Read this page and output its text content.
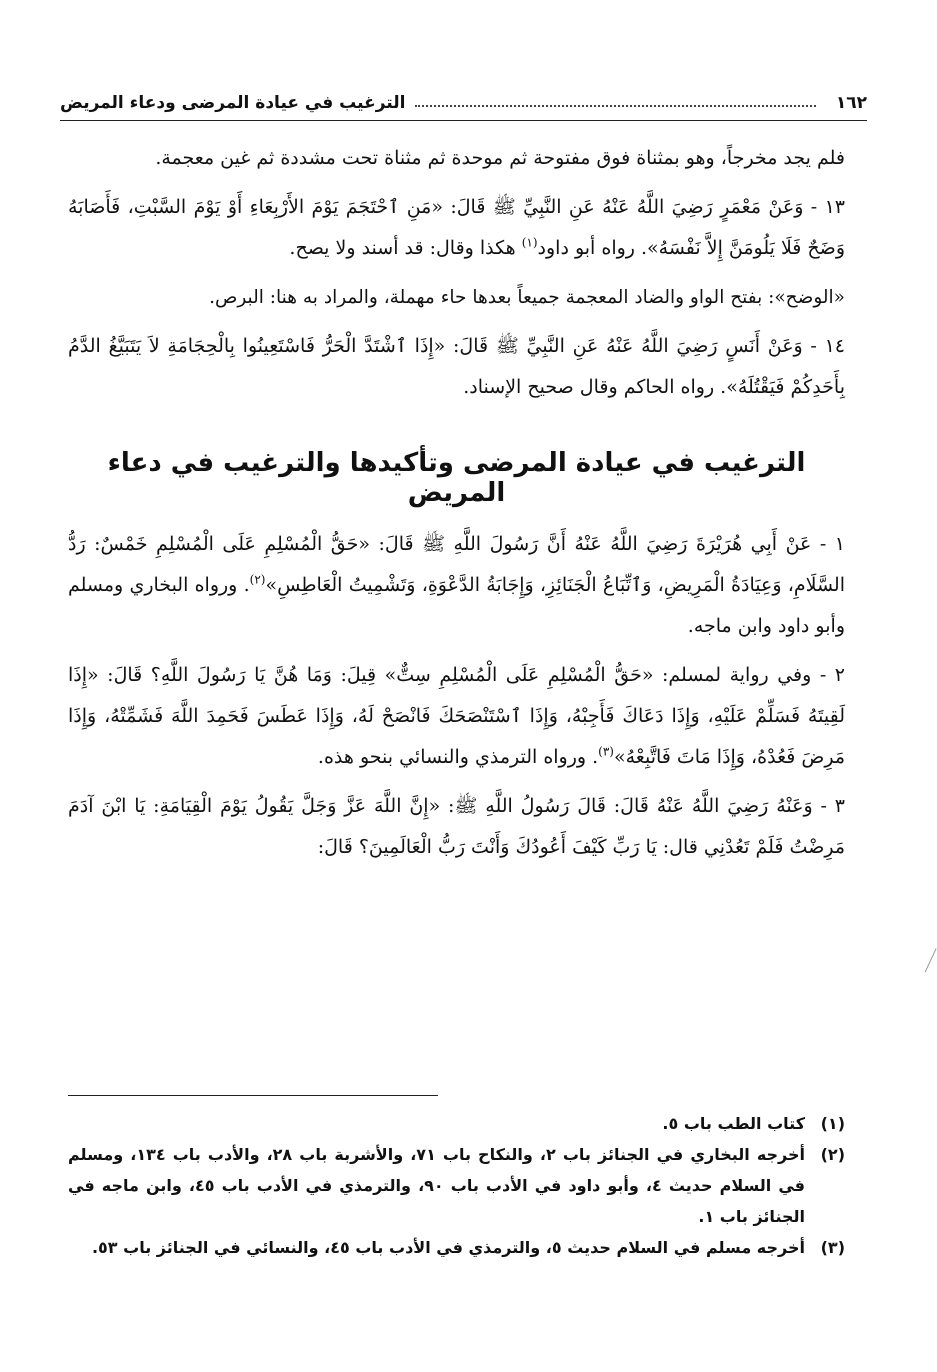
١٦٢
الترغيب في عيادة المرضى ودعاء المريض

فلم يجد مخرجاً، وهو بمثناة فوق مفتوحة ثم موحدة ثم مثناة تحت مشددة ثم غين معجمة.

١٣ - وَعَنْ مَعْمَرٍ رَضِيَ اللَّهُ عَنْهُ عَنِ النَّبِيِّ ﷺ قَالَ: «مَنِ ٱحْتَجَمَ يَوْمَ الأَرْبِعَاءِ أَوْ يَوْمَ السَّبْتِ، فَأَصَابَهُ وَضَحٌ فَلَا يَلُومَنَّ إِلاَّ نَفْسَهُ». رواه أبو داود$^{(١)}$ هكذا وقال: قد أسند ولا يصح.

«الوضح»: بفتح الواو والضاد المعجمة جميعاً بعدها حاء مهملة، والمراد به هنا: البرص.

١٤ - وَعَنْ أَنَسٍ رَضِيَ اللَّهُ عَنْهُ عَنِ النَّبِيِّ ﷺ قَالَ: «إِذَا ٱشْتَدَّ الْحَرُّ فَاسْتَعِينُوا بِالْحِجَامَةِ لاَ يَتَبَيَّغُ الدَّمُ بِأَحَدِكُمْ فَيَقْتُلَهُ». رواه الحاكم وقال صحيح الإسناد.

الترغيب في عيادة المرضى وتأكيدها والترغيب في دعاء المريض

١ - عَنْ أَبِي هُرَيْرَةَ رَضِيَ اللَّهُ عَنْهُ أَنَّ رَسُولَ اللَّهِ ﷺ قَالَ: «حَقُّ الْمُسْلِمِ عَلَى الْمُسْلِمِ خَمْسٌ: رَدُّ السَّلَامِ، وَعِيَادَةُ الْمَرِيضِ، وَٱتِّبَاعُ الْجَنَائِزِ، وَإِجَابَةُ الدَّعْوَةِ، وَتَشْمِيتُ الْعَاطِسِ»$^{(٢)}$. ورواه البخاري ومسلم وأبو داود وابن ماجه.

٢ - وفي رواية لمسلم: «حَقُّ الْمُسْلِمِ عَلَى الْمُسْلِمِ سِتٌّ» قِيلَ: وَمَا هُنَّ يَا رَسُولَ اللَّهِ؟ قَالَ: «إِذَا لَقِيتَهُ فَسَلِّمْ عَلَيْهِ، وَإِذَا دَعَاكَ فَأَجِبْهُ، وَإِذَا ٱسْتَنْصَحَكَ فَانْصَحْ لَهُ، وَإِذَا عَطَسَ فَحَمِدَ اللَّهَ فَشَمِّتْهُ، وَإِذَا مَرِضَ فَعُدْهُ، وَإِذَا مَاتَ فَاتَّبِعْهُ»$^{(٣)}$. ورواه الترمذي والنسائي بنحو هذه.

٣ - وَعَنْهُ رَضِيَ اللَّهُ عَنْهُ قَالَ: قَالَ رَسُولُ اللَّهِ ﷺ: «إِنَّ اللَّهَ عَزَّ وَجَلَّ يَقُولُ يَوْمَ الْقِيَامَةِ: يَا ابْنَ آدَمَ مَرِضْتُ فَلَمْ تَعُدْنِي قال: يَا رَبِّ كَيْفَ أَعُودُكَ وَأَنْتَ رَبُّ الْعَالَمِينَ؟ قَالَ:

(١)
كتاب الطب باب ٥.
(٢)
أخرجه البخاري في الجنائز باب ٢، والنكاح باب ٧١، والأشربة باب ٢٨، والأدب باب ١٣٤، ومسلم في السلام حديث ٤، وأبو داود في الأدب باب ٩٠، والترمذي في الأدب باب ٤٥، وابن ماجه في الجنائز باب ١.
(٣)
أخرجه مسلم في السلام حديث ٥، والترمذي في الأدب باب ٤٥، والنسائي في الجنائز باب ٥٣.
